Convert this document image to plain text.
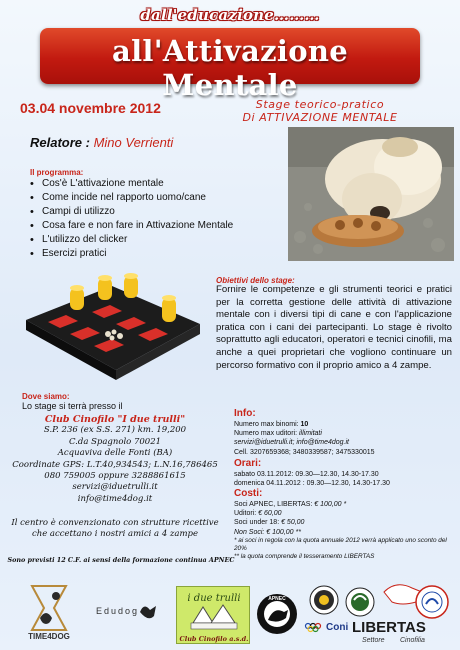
dall'educazione………
all'Attivazione Mentale
03.04 novembre 2012	Stage teorico-pratico
Di ATTIVAZIONE MENTALE
Relatore : Mino Verrienti
Il programma:
• Cos'è L'attivazione mentale
• Come incide nel rapporto uomo/cane
• Campi di utilizzo
• Cosa fare e non fare in Attivazione Mentale
• L'utilizzo del clicker
• Esercizi pratici
Obiettivi dello stage:
Fornire le competenze e gli strumenti teorici e pratici per la corretta gestione delle attività di attivazione mentale con i diversi tipi di cane e con l'applicazione pratica con i cani dei partecipanti. Lo stage è rivolto soprattutto agli educatori, operatori e tecnici cinofili, ma anche a quei proprietari che vogliono continuare un percorso formativo con il proprio amico a 4 zampe.
Dove siamo:
Lo stage si terrà presso il
Club Cinofilo "I due trulli"
S.P. 236 (ex S.S. 271) km. 19,200
C.da Spagnolo 70021
Acquaviva delle Fonti (BA)
Coordinate GPS: L.T.40,934543; L.N.16,786465
080 759005 oppure 3288861615
servizi@iduetrulli.it
info@time4dog.it
Il centro è convenzionato con strutture ricettive
che accettano i nostri amici a 4 zampe
Sono previsti 12 C.F. ai sensi della formazione continua APNEC
Info:
Numero max binomi: 10
Numero max uditori: illimitati
servizi@iduetrulli.it; info@time4dog.it
Cell. 3207659368; 3480339587; 3475330015
Orari:
sabato 03.11.2012: 09.30—12.30, 14.30-17.30
domenica 04.11.2012 : 09.30—12.30, 14.30-17.30
Costi:
Soci APNEC, LIBERTAS: € 100,00 *
Uditori: € 60,00
Soci under 18: € 50,00
Non Soci: € 100,00 **
* ai soci in regola con la quota annuale 2012 verrà applicato uno sconto del 20%
** la quota comprende il tesseramento LIBERTAS
TIME4DOG
Edudog
i due trulli
Club Cinofilo a.s.d.
APNEC
Coni LIBERTAS
Settore Cinofilia
